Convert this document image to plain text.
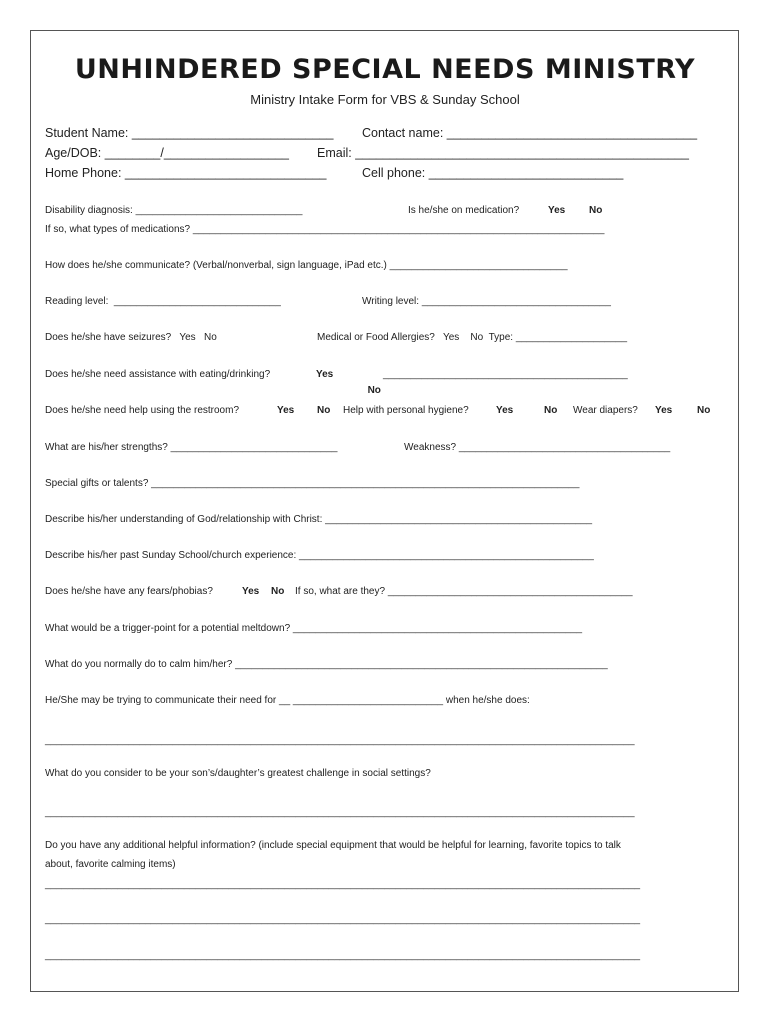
UNHINDERED SPECIAL NEEDS MINISTRY
Ministry Intake Form for VBS & Sunday School
Student Name: _____________________________ Contact name: ____________________________________
Age/DOB: ________/__________________ Email: ________________________________________________
Home Phone: _____________________________	Cell phone: ____________________________
Disability diagnosis: ______________________________	Is he/she on medication?	Yes No
If so, what types of medications? __________________________________________________________________________
How does he/she communicate? (Verbal/nonverbal, sign language, iPad etc.) ________________________________
Reading level:  ______________________________	Writing level: __________________________________
Does he/she have seizures?   Yes   No	Medical or Food Allergies?   Yes    No  Type: ____________________
Does he/she need assistance with eating/drinking?	Yes

No

____________________________________________
Does he/she need help using the restroom?	Yes No Help with personal hygiene?	Yes	No Wear diapers? Yes No
What are his/her strengths? ______________________________	Weakness? ______________________________________
Special gifts or talents? _____________________________________________________________________________
Describe his/her understanding of God/relationship with Christ: ________________________________________________
Describe his/her past Sunday School/church experience: _____________________________________________________
Does he/she have any fears/phobias?	Yes No If so, what are they? ____________________________________________
What would be a trigger-point for a potential meltdown? ____________________________________________________
What do you normally do to calm him/her? ___________________________________________________________________
He/She may be trying to communicate their need for __ ___________________________ when he/she does:
__________________________________________________________________________________________________________
What do you consider to be your son’s/daughter’s greatest challenge in social settings?
__________________________________________________________________________________________________________
Do you have any additional helpful information? (include special equipment that would be helpful for learning, favorite topics to talk
about, favorite calming items)
___________________________________________________________________________________________________________
___________________________________________________________________________________________________________
___________________________________________________________________________________________________________
